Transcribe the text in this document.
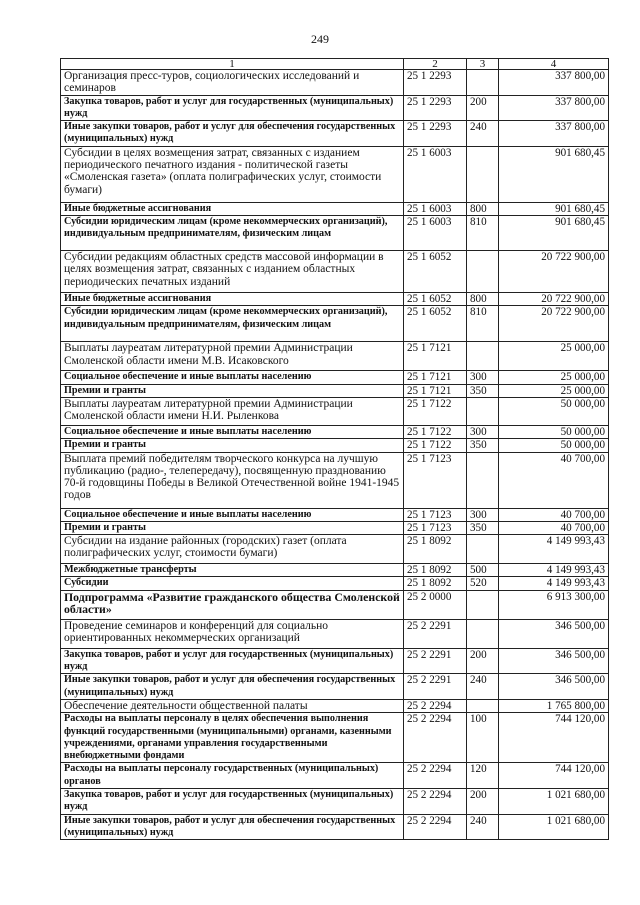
249
1	2	3	4
Организация пресс-туров, социологических исследований и семинаров	25 1 2293		337 800,00
Закупка товаров, работ и услуг для государственных (муниципальных) нужд	25 1 2293	200	337 800,00
Иные закупки товаров, работ и услуг для обеспечения государственных (муниципальных) нужд	25 1 2293	240	337 800,00
Субсидии в целях возмещения затрат, связанных с изданием периодического печатного издания - политической газеты «Смоленская газета» (оплата полиграфических услуг, стоимости бумаги)	25 1 6003		901 680,45
Иные бюджетные ассигнования	25 1 6003	800	901 680,45
Субсидии юридическим лицам (кроме некоммерческих организаций), индивидуальным предпринимателям, физическим лицам	25 1 6003	810	901 680,45
Субсидии редакциям областных средств массовой информации в целях возмещения затрат, связанных с изданием областных периодических печатных изданий	25 1 6052		20 722 900,00
Иные бюджетные ассигнования	25 1 6052	800	20 722 900,00
Субсидии юридическим лицам (кроме некоммерческих организаций), индивидуальным предпринимателям, физическим лицам	25 1 6052	810	20 722 900,00
Выплаты лауреатам литературной премии Администрации Смоленской области имени М.В. Исаковского	25 1 7121		25 000,00
Социальное обеспечение и иные выплаты населению	25 1 7121	300	25 000,00
Премии и гранты	25 1 7121	350	25 000,00
Выплаты лауреатам литературной премии Администрации Смоленской области имени Н.И. Рыленкова	25 1 7122		50 000,00
Социальное обеспечение и иные выплаты населению	25 1 7122	300	50 000,00
Премии и гранты	25 1 7122	350	50 000,00
Выплата премий победителям творческого конкурса на лучшую публикацию (радио-, телепередачу), посвященную празднованию 70-й годовщины Победы в Великой Отечественной войне 1941-1945 годов	25 1 7123		40 700,00
Социальное обеспечение и иные выплаты населению	25 1 7123	300	40 700,00
Премии и гранты	25 1 7123	350	40 700,00
Субсидии на издание районных (городских) газет (оплата полиграфических услуг, стоимости бумаги)	25 1 8092		4 149 993,43
Межбюджетные трансферты	25 1 8092	500	4 149 993,43
Субсидии	25 1 8092	520	4 149 993,43
Подпрограмма «Развитие гражданского общества Смоленской области»	25 2 0000		6 913 300,00
Проведение семинаров и конференций для социально ориентированных некоммерческих организаций	25 2 2291		346 500,00
Закупка товаров, работ и услуг для государственных (муниципальных) нужд	25 2 2291	200	346 500,00
Иные закупки товаров, работ и услуг для обеспечения государственных (муниципальных) нужд	25 2 2291	240	346 500,00
Обеспечение деятельности общественной палаты	25 2 2294		1 765 800,00
Расходы на выплаты персоналу в целях обеспечения выполнения функций государственными (муниципальными) органами, казенными учреждениями, органами управления государственными внебюджетными фондами	25 2 2294	100	744 120,00
Расходы на выплаты персоналу государственных (муниципальных) органов	25 2 2294	120	744 120,00
Закупка товаров, работ и услуг для государственных (муниципальных) нужд	25 2 2294	200	1 021 680,00
Иные закупки товаров, работ и услуг для обеспечения государственных (муниципальных) нужд	25 2 2294	240	1 021 680,00
